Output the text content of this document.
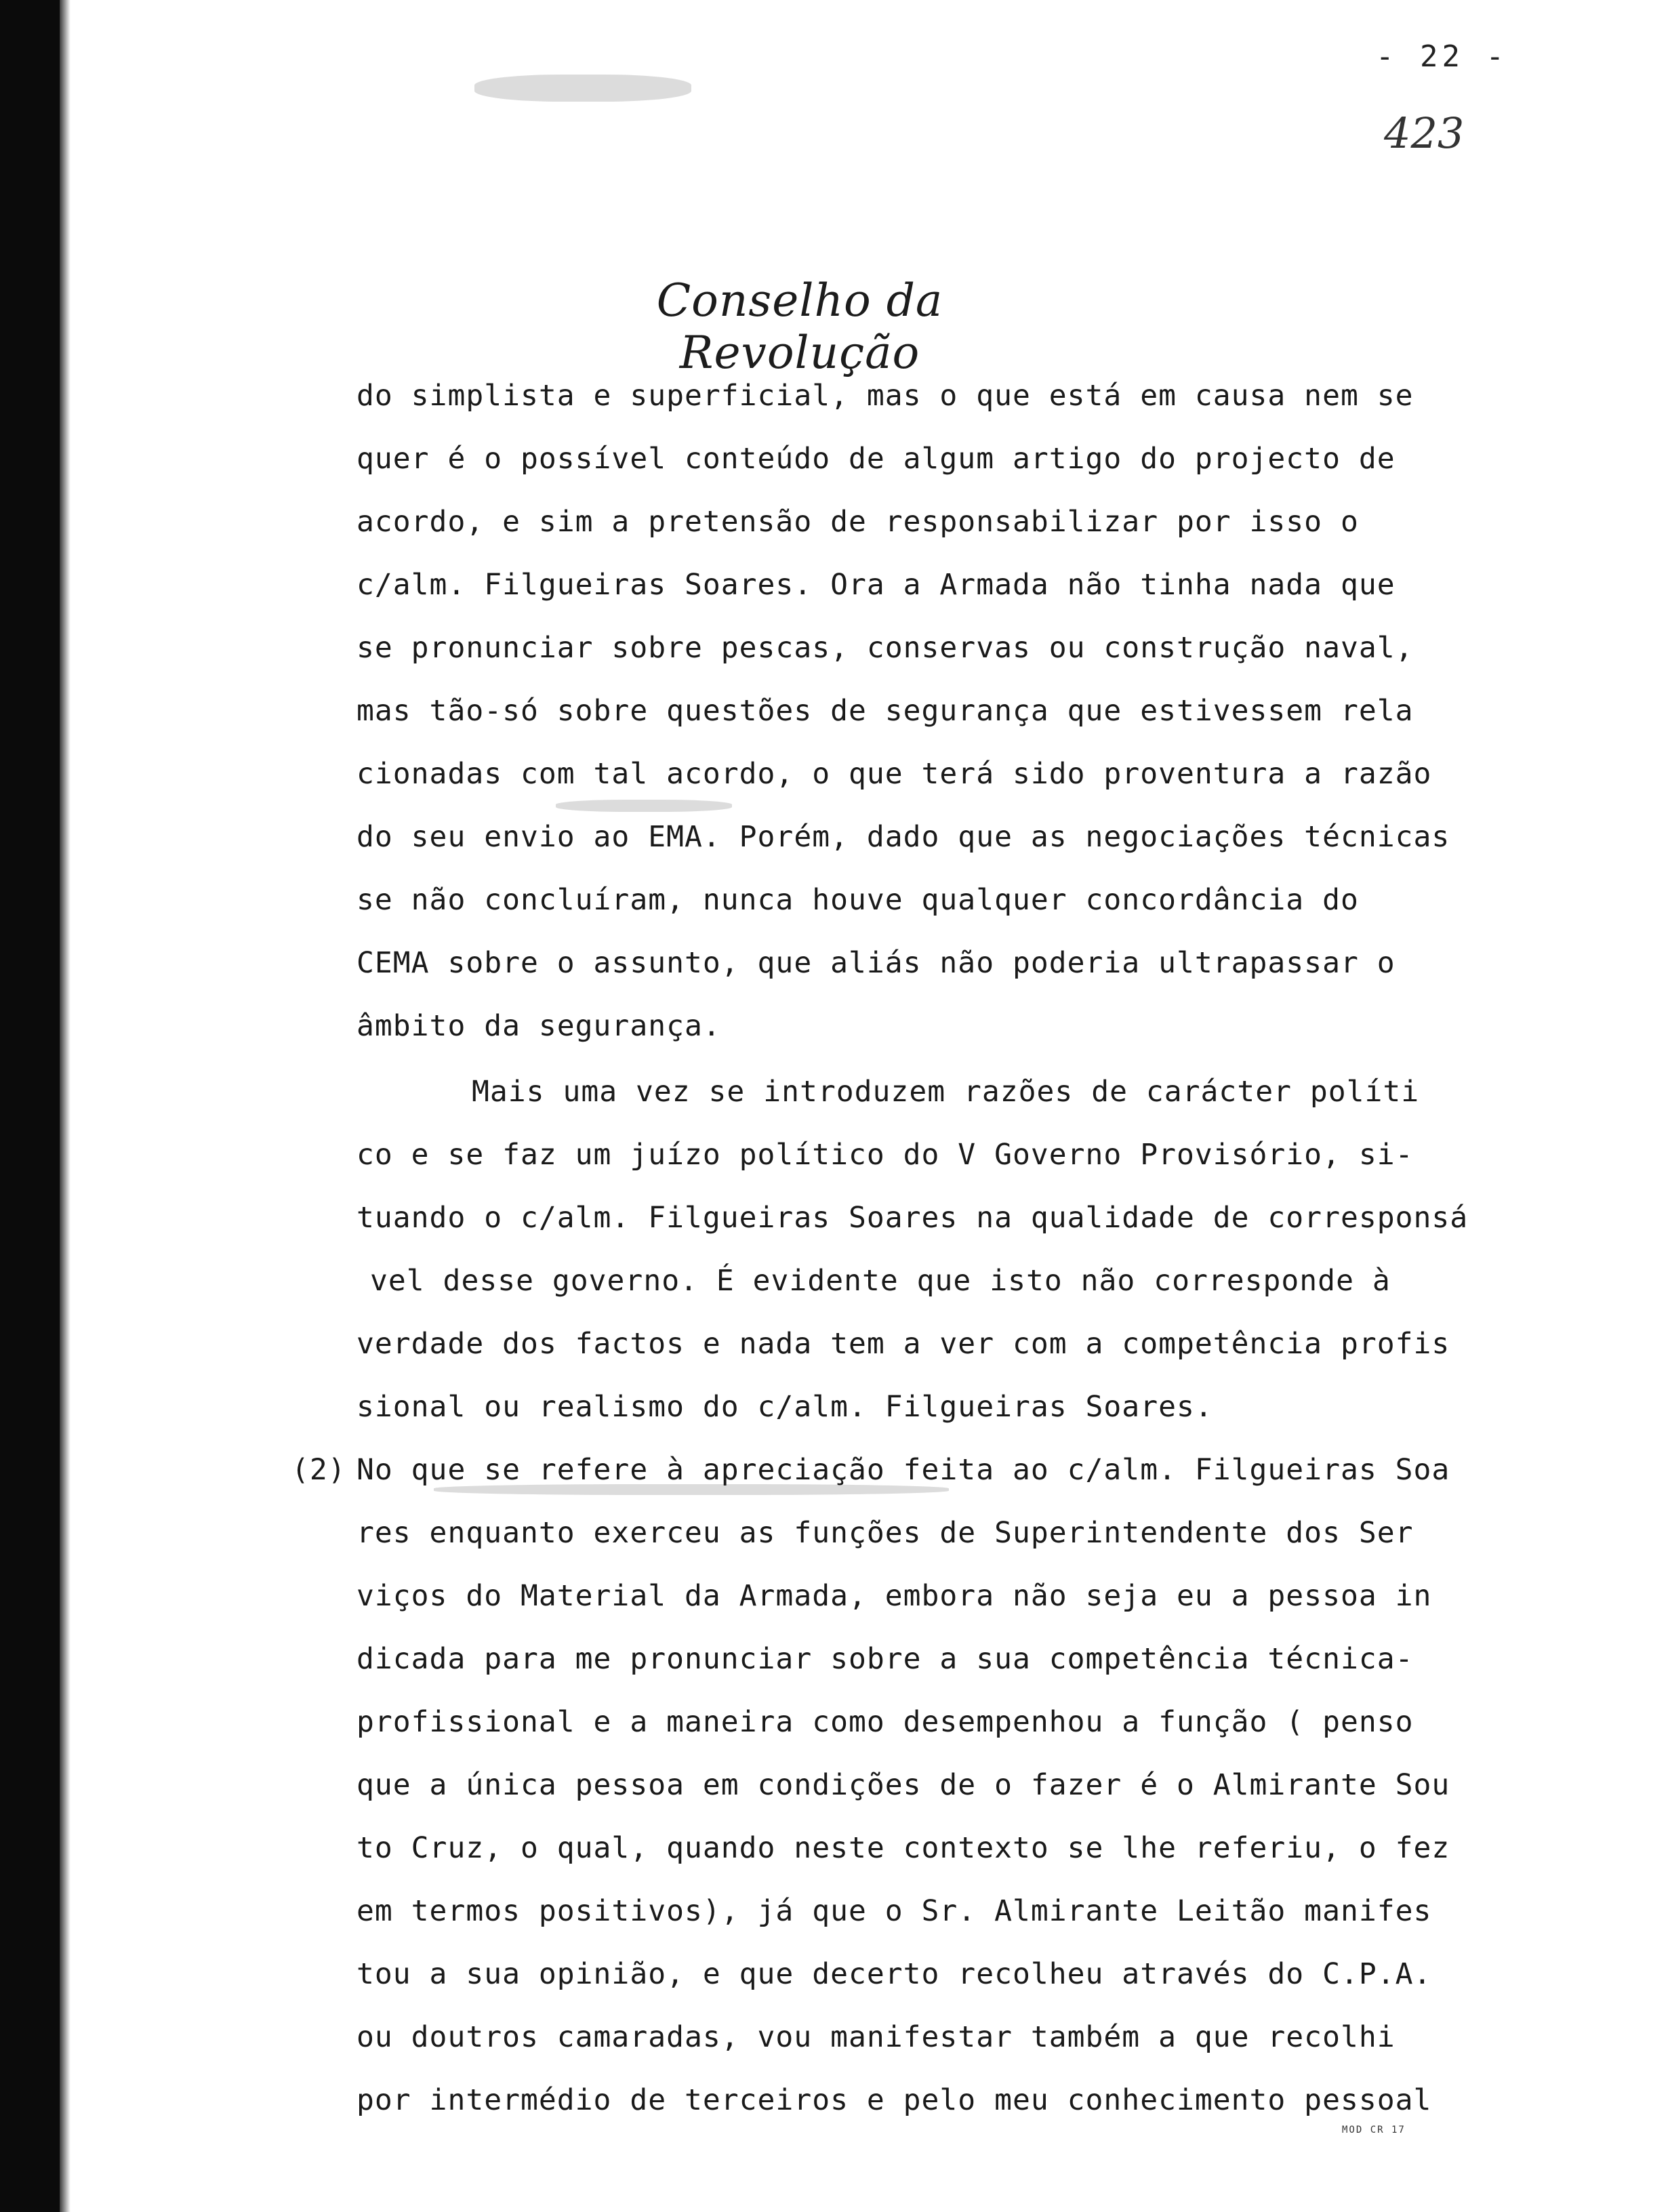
- 22 -
423
Conselho da Revolução
do simplista e superficial, mas o que está em causa nem se
quer é o possível conteúdo de algum artigo do projecto de
acordo, e sim a pretensão de responsabilizar por isso o
c/alm. Filgueiras Soares. Ora a Armada não tinha nada que
se pronunciar sobre pescas, conservas ou construção naval,
mas tão-só sobre questões de segurança que estivessem rela
cionadas com tal acordo, o que terá sido proventura a razão
do seu envio ao EMA. Porém, dado que as negociações técnicas
se não concluíram, nunca houve qualquer concordância do
CEMA sobre o assunto, que aliás não poderia ultrapassar o
âmbito da segurança.
Mais uma vez se introduzem razões de carácter políti
co e se faz um juízo político do V Governo Provisório, si-
tuando o c/alm. Filgueiras Soares na qualidade de corresponsá
vel desse governo. É evidente que isto não corresponde à
verdade dos factos e nada tem a ver com a competência profis
sional ou realismo do c/alm. Filgueiras Soares.
(2) No que se refere à apreciação feita ao c/alm. Filgueiras Soa
res enquanto exerceu as funções de Superintendente dos Ser
viços do Material da Armada, embora não seja eu a pessoa in
dicada para me pronunciar sobre a sua competência técnica-
profissional e a maneira como desempenhou a função ( penso
que a única pessoa em condições de o fazer é o Almirante Sou
to Cruz, o qual, quando neste contexto se lhe referiu, o fez
em termos positivos), já que o Sr. Almirante Leitão manifes
tou a sua opinião, e que decerto recolheu através do C.P.A.
ou doutros camaradas, vou manifestar também a que recolhi
por intermédio de terceiros e pelo meu conhecimento pessoal
MOD CR 17
